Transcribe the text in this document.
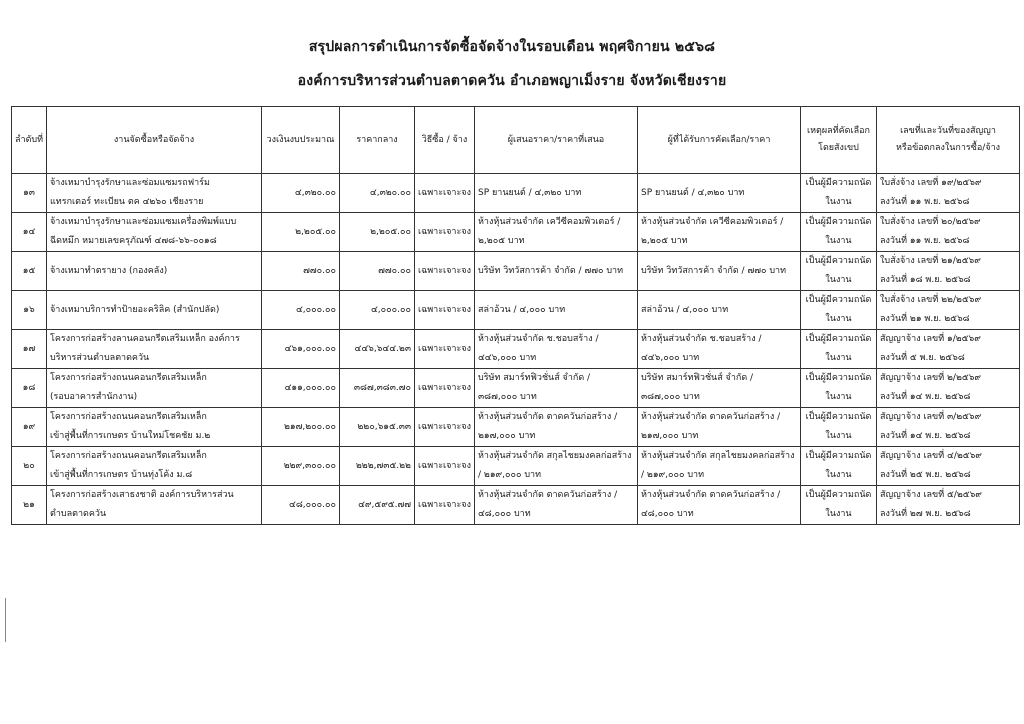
สรุปผลการดำเนินการจัดซื้อจัดจ้างในรอบเดือน พฤศจิกายน ๒๕๖๘
องค์การบริหารส่วนตำบลตาดควัน อำเภอพญาเม็งราย จังหวัดเชียงราย
ลำดับที่	งานจัดซื้อหรือจัดจ้าง	วงเงินงบประมาณ	ราคากลาง	วิธีซื้อ / จ้าง	ผู้เสนอราคา/ราคาที่เสนอ	ผู้ที่ได้รับการคัดเลือก/ราคา	เหตุผลที่คัดเลือก
โดยสังเขป	เลขที่และวันที่ของสัญญา
หรือข้อตกลงในการซื้อ/จ้าง

๑๓	จ้างเหมาบำรุงรักษาและซ่อมแซมรถฟาร์ม
แทรกเตอร์ ทะเบียน ตค ๔๒๖๐ เชียงราย	๔,๓๒๐.๐๐	๔,๓๒๐.๐๐	เฉพาะเจาะจง	SP ยานยนต์ / ๔,๓๒๐ บาท	SP ยานยนต์ / ๔,๓๒๐ บาท	เป็นผู้มีความถนัด
ในงาน	ใบสั่งจ้าง เลขที่ ๑๙/๒๕๖๙
ลงวันที่ ๑๑ พ.ย. ๒๕๖๘

๑๔	จ้างเหมาบำรุงรักษาและซ่อมแซมเครื่องพิมพ์แบบ
ฉีดหมึก หมายเลขครุภัณฑ์ ๔๗๘-๖๖-๐๐๑๘	๒,๒๐๕.๐๐	๒,๒๐๕.๐๐	เฉพาะเจาะจง	ห้างหุ้นส่วนจำกัด เควีซีคอมพิวเตอร์ /
๒,๒๐๕ บาท	ห้างหุ้นส่วนจำกัด เควีซีคอมพิวเตอร์ /
๒,๒๐๕ บาท	เป็นผู้มีความถนัด
ในงาน	ใบสั่งจ้าง เลขที่ ๒๐/๒๕๖๙
ลงวันที่ ๑๑ พ.ย. ๒๕๖๘

๑๕	จ้างเหมาทำตรายาง (กองคลัง)	๗๗๐.๐๐	๗๗๐.๐๐	เฉพาะเจาะจง	บริษัท วิทวัสการค้า จำกัด / ๗๗๐ บาท	บริษัท วิทวัสการค้า จำกัด / ๗๗๐ บาท	เป็นผู้มีความถนัด
ในงาน	ใบสั่งจ้าง เลขที่ ๒๑/๒๕๖๙
ลงวันที่ ๑๘ พ.ย. ๒๕๖๘

๑๖	จ้างเหมาบริการทำป้ายอะคริลิค (สำนักปลัด)	๔,๐๐๐.๐๐	๔,๐๐๐.๐๐	เฉพาะเจาะจง	สล่าอ้วน / ๔,๐๐๐ บาท	สล่าอ้วน / ๔,๐๐๐ บาท	เป็นผู้มีความถนัด
ในงาน	ใบสั่งจ้าง เลขที่ ๒๒/๒๕๖๙
ลงวันที่ ๒๑ พ.ย. ๒๕๖๘

๑๗	โครงการก่อสร้างลานคอนกรีตเสริมเหล็ก องค์การ
บริหารส่วนตำบลตาดควัน	๔๖๑,๐๐๐.๐๐	๔๔๖,๖๔๔.๒๓	เฉพาะเจาะจง	ห้างหุ้นส่วนจำกัด ช.ชอบสร้าง /
๔๔๖,๐๐๐ บาท	ห้างหุ้นส่วนจำกัด ช.ชอบสร้าง /
๔๔๖,๐๐๐ บาท	เป็นผู้มีความถนัด
ในงาน	สัญญาจ้าง เลขที่ ๑/๒๕๖๙
ลงวันที่ ๕ พ.ย. ๒๕๖๘

๑๘	โครงการก่อสร้างถนนคอนกรีตเสริมเหล็ก
(รอบอาคารสำนักงาน)	๔๑๑,๐๐๐.๐๐	๓๘๗,๓๘๓.๗๐	เฉพาะเจาะจง	บริษัท สมาร์ทฟิวชั่นส์ จำกัด /
๓๘๗,๐๐๐ บาท	บริษัท สมาร์ทฟิวชั่นส์ จำกัด /
๓๘๗,๐๐๐ บาท	เป็นผู้มีความถนัด
ในงาน	สัญญาจ้าง เลขที่ ๒/๒๕๖๙
ลงวันที่ ๑๔ พ.ย. ๒๕๖๘

๑๙	โครงการก่อสร้างถนนคอนกรีตเสริมเหล็ก
เข้าสู่พื้นที่การเกษตร บ้านใหม่โชคชัย ม.๒	๒๑๗,๒๐๐.๐๐	๒๒๐,๖๑๕.๓๓	เฉพาะเจาะจง	ห้างหุ้นส่วนจำกัด ตาดควันก่อสร้าง /
๒๑๗,๐๐๐ บาท	ห้างหุ้นส่วนจำกัด ตาดควันก่อสร้าง /
๒๑๗,๐๐๐ บาท	เป็นผู้มีความถนัด
ในงาน	สัญญาจ้าง เลขที่ ๓/๒๕๖๙
ลงวันที่ ๑๔ พ.ย. ๒๕๖๘

๒๐	โครงการก่อสร้างถนนคอนกรีตเสริมเหล็ก
เข้าสู่พื้นที่การเกษตร บ้านทุ่งโค้ง ม.๘	๒๒๙,๓๐๐.๐๐	๒๒๒,๗๓๕.๒๒	เฉพาะเจาะจง	ห้างหุ้นส่วนจำกัด สกุลไชยมงคลก่อสร้าง
/ ๒๑๙,๐๐๐ บาท	ห้างหุ้นส่วนจำกัด สกุลไชยมงคลก่อสร้าง
/ ๒๑๙,๐๐๐ บาท	เป็นผู้มีความถนัด
ในงาน	สัญญาจ้าง เลขที่ ๔/๒๕๖๙
ลงวันที่ ๒๕ พ.ย. ๒๕๖๘

๒๑	โครงการก่อสร้างเสาธงชาติ องค์การบริหารส่วน
ตำบลตาดควัน	๔๘,๐๐๐.๐๐	๔๙,๕๙๕.๗๗	เฉพาะเจาะจง	ห้างหุ้นส่วนจำกัด ตาดควันก่อสร้าง /
๔๘,๐๐๐ บาท	ห้างหุ้นส่วนจำกัด ตาดควันก่อสร้าง /
๔๘,๐๐๐ บาท	เป็นผู้มีความถนัด
ในงาน	สัญญาจ้าง เลขที่ ๕/๒๕๖๙
ลงวันที่ ๒๗ พ.ย. ๒๕๖๘
